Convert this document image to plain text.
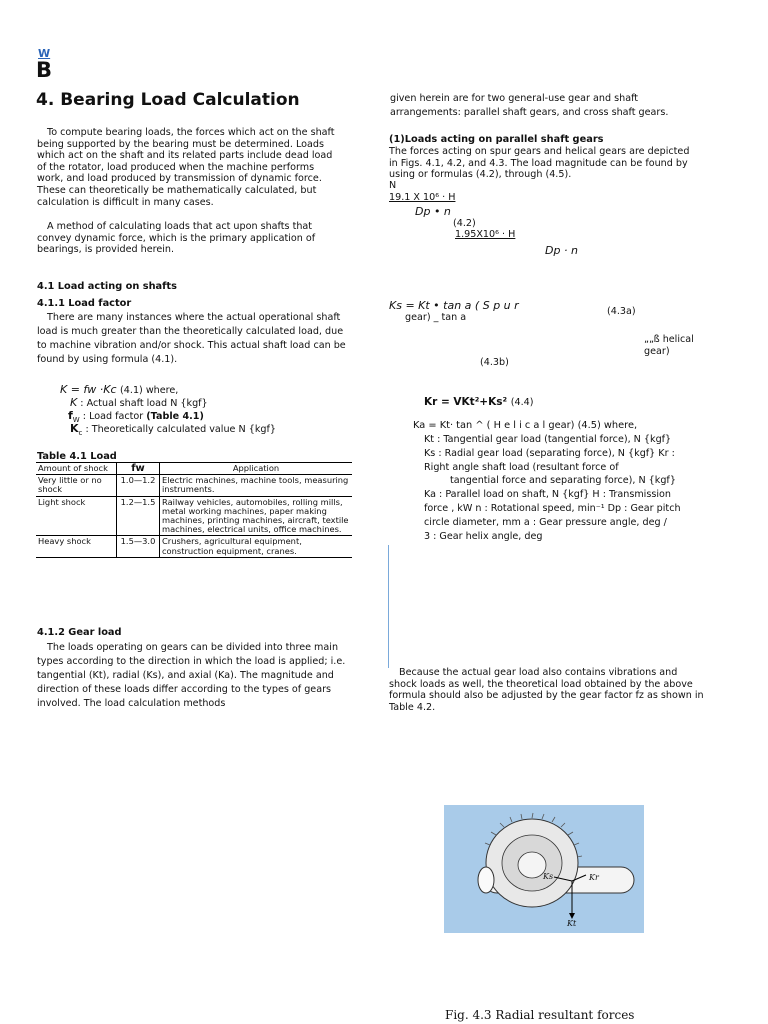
W
B
4. Bearing Load Calculation
To compute bearing loads, the forces which act on the shaft being supported by the bearing must be determined. Loads which act on the shaft and its related parts include dead load of the rotator, load produced when the machine performs work, and load produced by transmission of dynamic force. These can theoretically be mathematically calculated, but calculation is difficult in many cases.
A method of calculating loads that act upon shafts that convey dynamic force, which is the primary application of bearings, is provided herein.
4.1 Load acting on shafts
4.1.1 Load factor
There are many instances where the actual operational shaft load is much greater than the theoretically calculated load, due to machine vibration and/or shock. This actual shaft load can be found by using formula (4.1).
K = fw ·Kc (4.1) where,
K : Actual shaft load N {kgf}
$f_W$ : Load factor (Table 4.1)
$K_c$ : Theoretically calculated value N {kgf}
Table 4.1 Load
Amount of shock	fw	Application
Very little or no shock	1.0—1.2	Electric machines, machine tools, measuring instruments.
Light shock	1.2—1.5	Railway vehicles, automobiles, rolling mills, metal working machines, paper making machines, printing machines, aircraft, textile machines, electrical units, office machines.
Heavy shock	1.5—3.0	Crushers, agricultural equipment, construction equipment, cranes.
4.1.2 Gear load
The loads operating on gears can be divided into three main types according to the direction in which the load is applied; i.e. tangential (Kt), radial (Ks), and axial (Ka). The magnitude and direction of these loads differ according to the types of gears involved. The load calculation methods
given herein are for two general-use gear and shaft arrangements: parallel shaft gears, and cross shaft gears.
(1)Loads acting on parallel shaft gears
The forces acting on spur gears and helical gears are depicted in Figs. 4.1, 4.2, and 4.3. The load magnitude can be found by using or formulas (4.2), through (4.5).
N
19.1 X 10⁶ · H
Dp • n
(4.2)
1.95X10⁶ · H
Dp · n
Ks = Kt • tan a ( S p u r
gear) _ tan a
(4.3a)
„„ß helical gear)
(4.3b)
Kr = VKt²+Ks² (4.4)
Ka = Kt· tan ^ ( H e l i c a l gear) (4.5) where,
Kt : Tangential gear load (tangential force), N {kgf}
Ks : Radial gear load (separating force), N {kgf} Kr :
Right angle shaft load (resultant force of
tangential force and separating force), N {kgf}
Ka : Parallel load on shaft, N {kgf} H : Transmission
force , kW n : Rotational speed, min⁻¹ Dp : Gear pitch
circle diameter, mm a : Gear pressure angle, deg /
3 : Gear helix angle, deg
Because the actual gear load also contains vibrations and shock loads as well, the theoretical load obtained by the above formula should also be adjusted by the gear factor fz as shown in Table 4.2.
Ks	Kr
Kt
Fig. 4.3 Radial resultant forces
